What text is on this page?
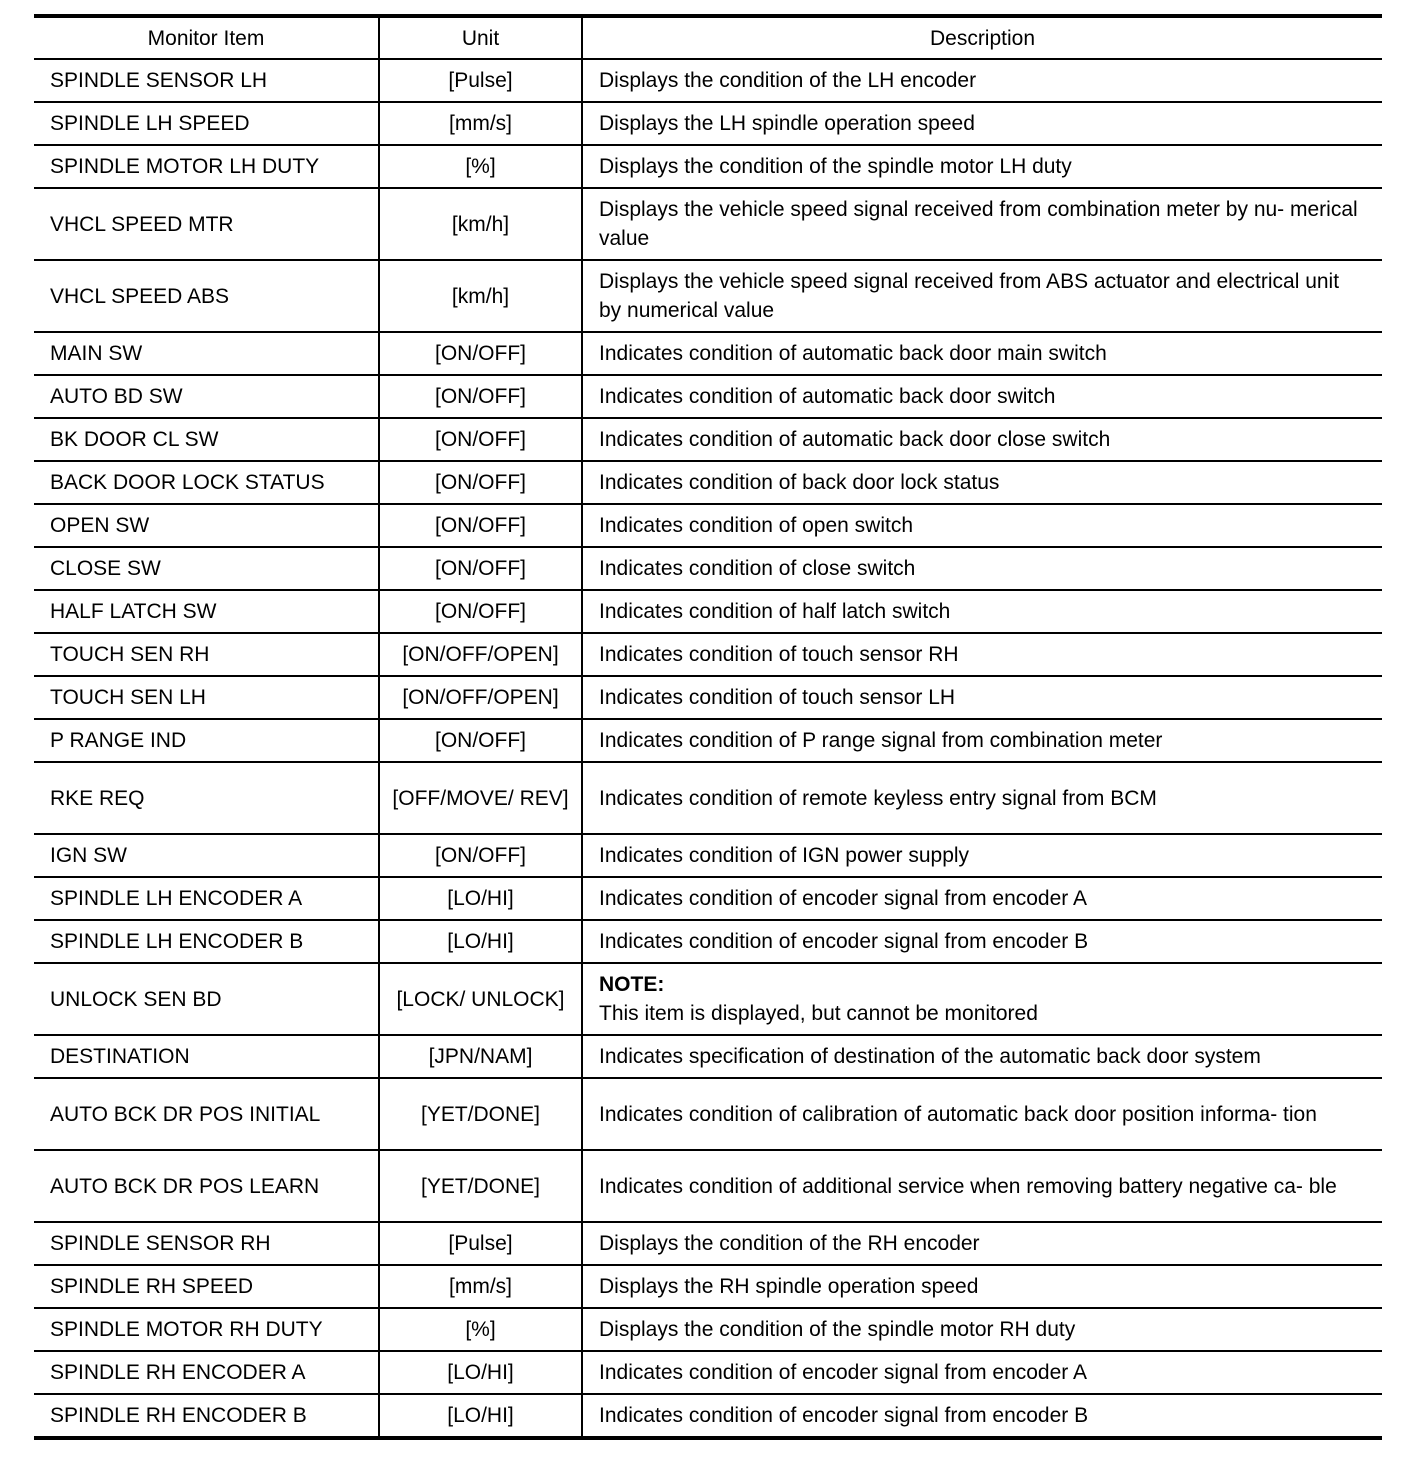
Monitor Item	Unit	Description
SPINDLE SENSOR LH	[Pulse]	Displays the condition of the LH encoder
SPINDLE LH SPEED	[mm/s]	Displays the LH spindle operation speed
SPINDLE MOTOR LH DUTY	[%]	Displays the condition of the spindle motor LH duty
VHCL SPEED MTR	[km/h]	Displays the vehicle speed signal received from combination meter by nu- merical value
VHCL SPEED ABS	[km/h]	Displays the vehicle speed signal received from ABS actuator and electrical unit by numerical value
MAIN SW	[ON/OFF]	Indicates condition of automatic back door main switch
AUTO BD SW	[ON/OFF]	Indicates condition of automatic back door switch
BK DOOR CL SW	[ON/OFF]	Indicates condition of automatic back door close switch
BACK DOOR LOCK STATUS	[ON/OFF]	Indicates condition of back door lock status
OPEN SW	[ON/OFF]	Indicates condition of open switch
CLOSE SW	[ON/OFF]	Indicates condition of close switch
HALF LATCH SW	[ON/OFF]	Indicates condition of half latch switch
TOUCH SEN RH	[ON/OFF/OPEN]	Indicates condition of touch sensor RH
TOUCH SEN LH	[ON/OFF/OPEN]	Indicates condition of touch sensor LH
P RANGE IND	[ON/OFF]	Indicates condition of P range signal from combination meter
RKE REQ	[OFF/MOVE/ REV]	Indicates condition of remote keyless entry signal from BCM
IGN SW	[ON/OFF]	Indicates condition of IGN power supply
SPINDLE LH ENCODER A	[LO/HI]	Indicates condition of encoder signal from encoder A
SPINDLE LH ENCODER B	[LO/HI]	Indicates condition of encoder signal from encoder B
UNLOCK SEN BD	[LOCK/ UNLOCK]	NOTE:
This item is displayed, but cannot be monitored
DESTINATION	[JPN/NAM]	Indicates specification of destination of the automatic back door system
AUTO BCK DR POS INITIAL	[YET/DONE]	Indicates condition of calibration of automatic back door position informa- tion
AUTO BCK DR POS LEARN	[YET/DONE]	Indicates condition of additional service when removing battery negative ca- ble
SPINDLE SENSOR RH	[Pulse]	Displays the condition of the RH encoder
SPINDLE RH SPEED	[mm/s]	Displays the RH spindle operation speed
SPINDLE MOTOR RH DUTY	[%]	Displays the condition of the spindle motor RH duty
SPINDLE RH ENCODER A	[LO/HI]	Indicates condition of encoder signal from encoder A
SPINDLE RH ENCODER B	[LO/HI]	Indicates condition of encoder signal from encoder B
